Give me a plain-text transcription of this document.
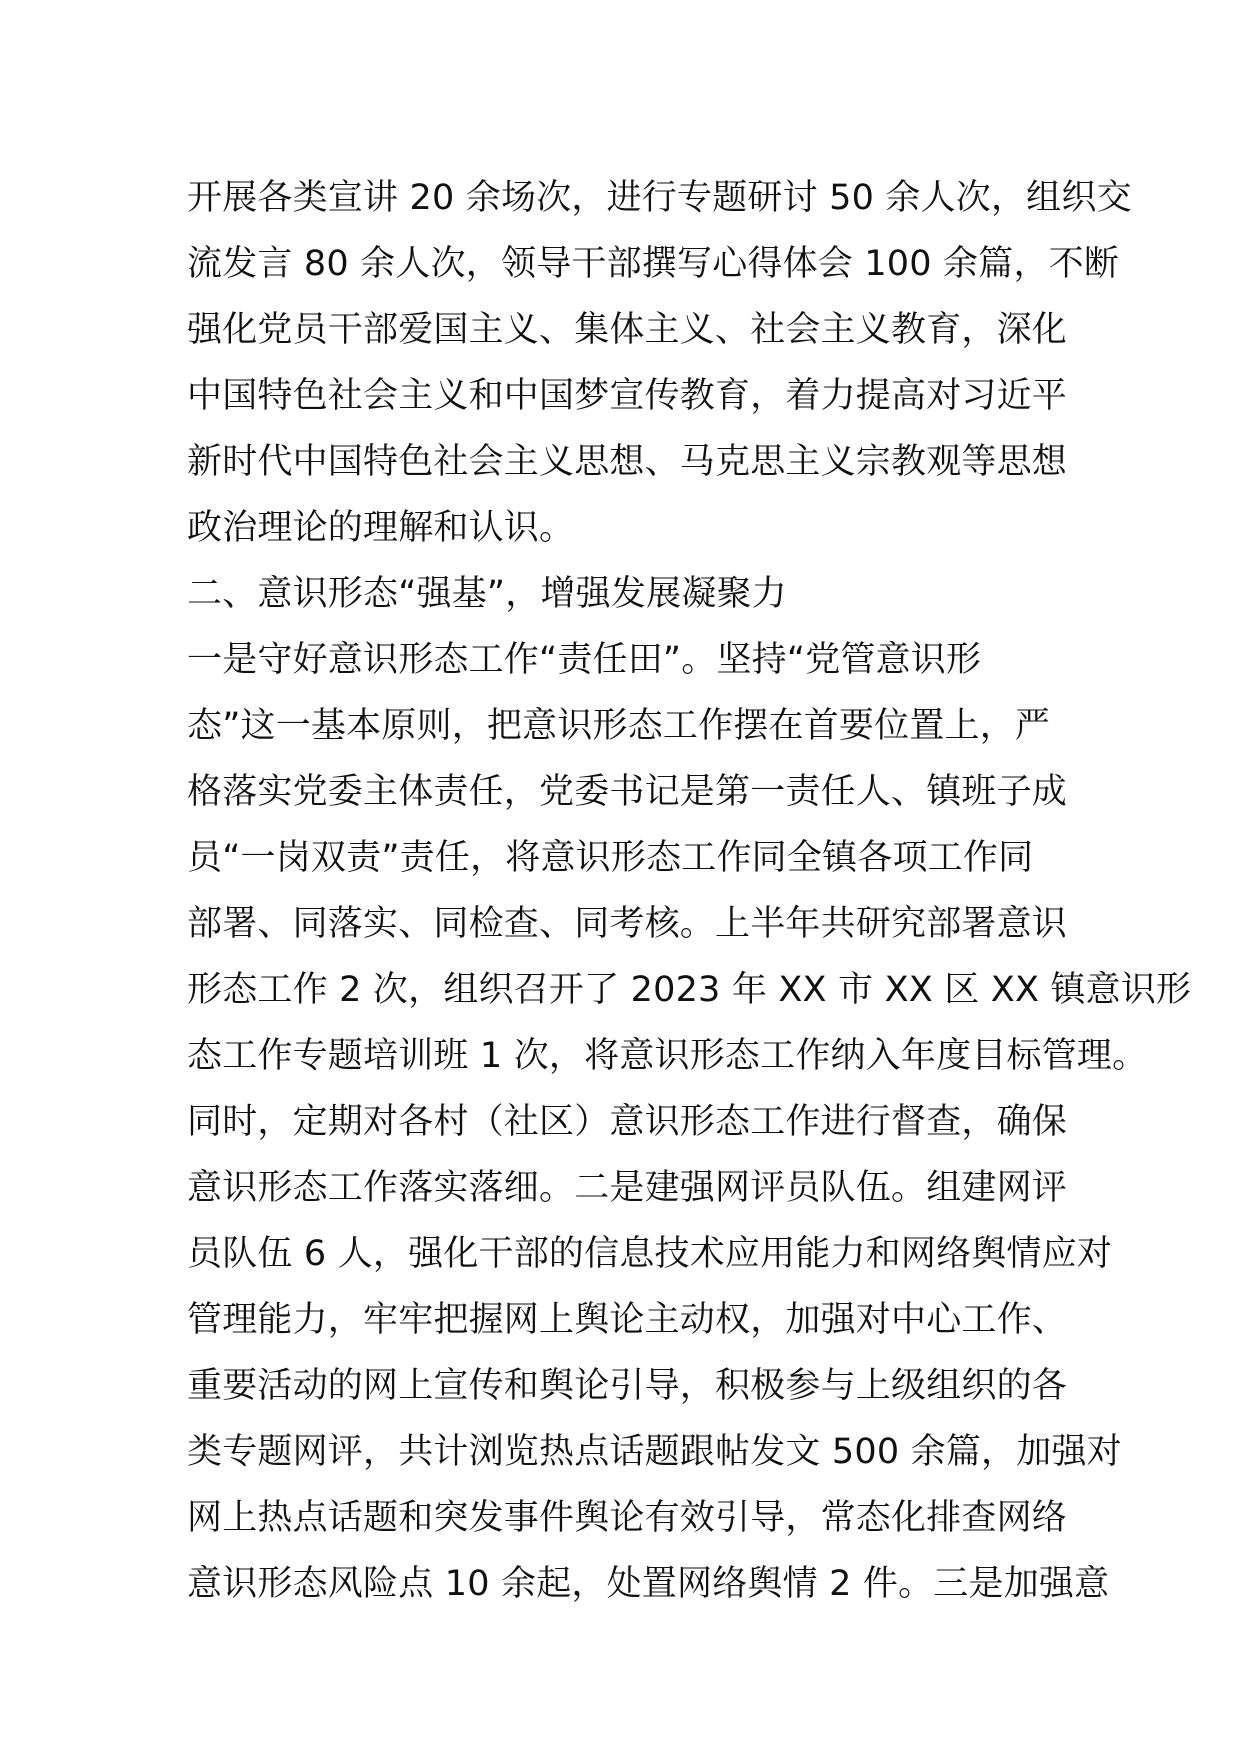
开展各类宣讲 20 余场次，进行专题研讨 50 余人次，组织交
流发言 80 余人次，领导干部撰写心得体会 100 余篇，不断
强化党员干部爱国主义、集体主义、社会主义教育，深化
中国特色社会主义和中国梦宣传教育，着力提高对习近平
新时代中国特色社会主义思想、马克思主义宗教观等思想
政治理论的理解和认识。
二、意识形态“强基”，增强发展凝聚力
一是守好意识形态工作“责任田”。坚持“党管意识形
态”这一基本原则，把意识形态工作摆在首要位置上，严
格落实党委主体责任，党委书记是第一责任人、镇班子成
员“一岗双责”责任，将意识形态工作同全镇各项工作同
部署、同落实、同检查、同考核。上半年共研究部署意识
形态工作 2 次，组织召开了 2023 年 XX 市 XX 区 XX 镇意识形
态工作专题培训班 1 次，将意识形态工作纳入年度目标管理。
同时，定期对各村（社区）意识形态工作进行督查，确保
意识形态工作落实落细。二是建强网评员队伍。组建网评
员队伍 6 人，强化干部的信息技术应用能力和网络舆情应对
管理能力，牢牢把握网上舆论主动权，加强对中心工作、
重要活动的网上宣传和舆论引导，积极参与上级组织的各
类专题网评，共计浏览热点话题跟帖发文 500 余篇，加强对
网上热点话题和突发事件舆论有效引导，常态化排查网络
意识形态风险点 10 余起，处置网络舆情 2 件。三是加强意
